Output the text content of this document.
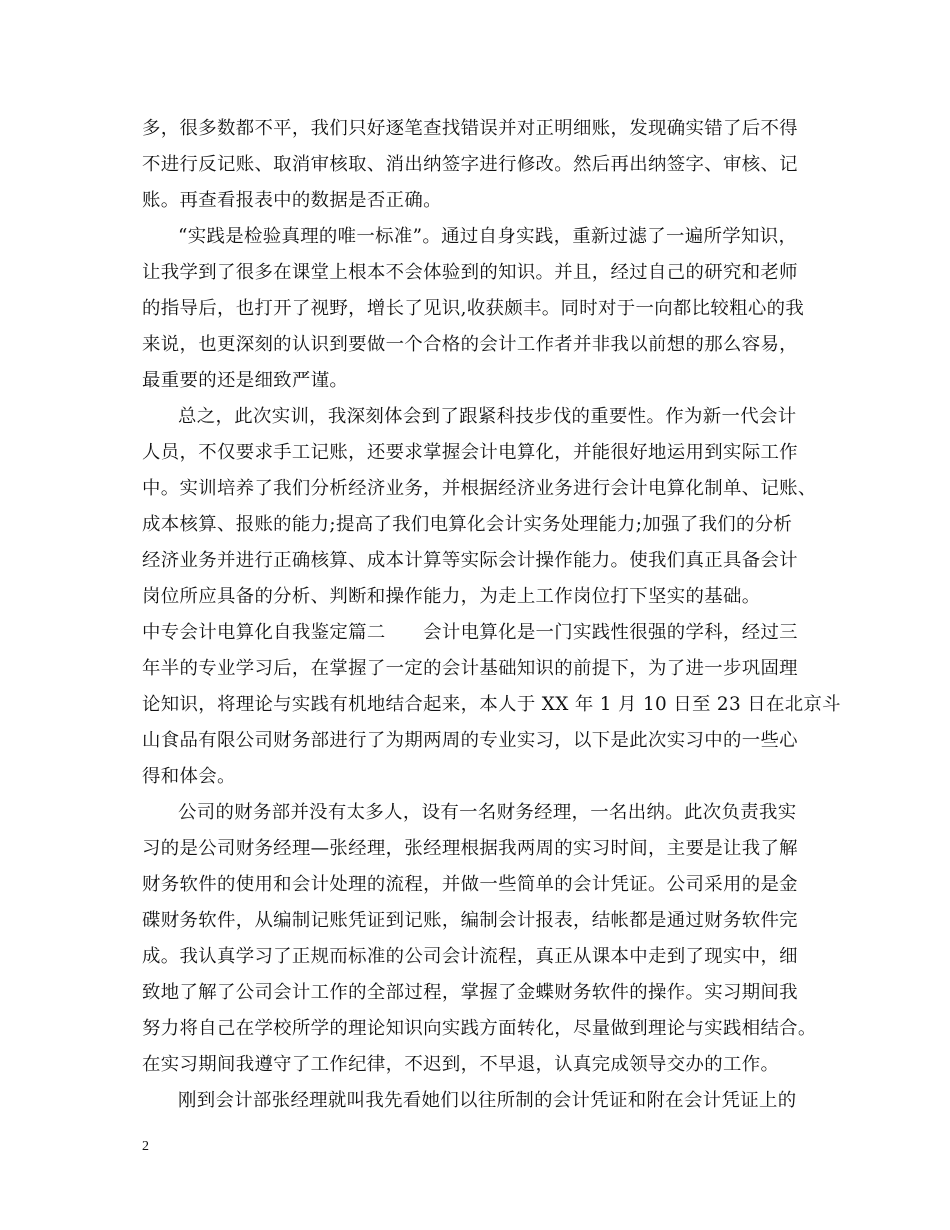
多，很多数都不平，我们只好逐笔查找错误并对正明细账，发现确实错了后不得
不进行反记账、取消审核取、消出纳签字进行修改。然后再出纳签字、审核、记
账。再查看报表中的数据是否正确。
“实践是检验真理的唯一标准”。通过自身实践，重新过滤了一遍所学知识，
让我学到了很多在课堂上根本不会体验到的知识。并且，经过自己的研究和老师
的指导后，也打开了视野，增长了见识,收获颇丰。同时对于一向都比较粗心的我
来说，也更深刻的认识到要做一个合格的会计工作者并非我以前想的那么容易，
最重要的还是细致严谨。
总之，此次实训，我深刻体会到了跟紧科技步伐的重要性。作为新一代会计
人员，不仅要求手工记账，还要求掌握会计电算化，并能很好地运用到实际工作
中。实训培养了我们分析经济业务，并根据经济业务进行会计电算化制单、记账、
成本核算、报账的能力;提高了我们电算化会计实务处理能力;加强了我们的分析
经济业务并进行正确核算、成本计算等实际会计操作能力。使我们真正具备会计
岗位所应具备的分析、判断和操作能力，为走上工作岗位打下坚实的基础。
中专会计电算化自我鉴定篇二　　会计电算化是一门实践性很强的学科，经过三
年半的专业学习后，在掌握了一定的会计基础知识的前提下，为了进一步巩固理
论知识，将理论与实践有机地结合起来，本人于 XX 年 1 月 10 日至 23 日在北京斗
山食品有限公司财务部进行了为期两周的专业实习，以下是此次实习中的一些心
得和体会。
公司的财务部并没有太多人，设有一名财务经理，一名出纳。此次负责我实
习的是公司财务经理—张经理，张经理根据我两周的实习时间，主要是让我了解
财务软件的使用和会计处理的流程，并做一些简单的会计凭证。公司采用的是金
碟财务软件，从编制记账凭证到记账，编制会计报表，结帐都是通过财务软件完
成。我认真学习了正规而标准的公司会计流程，真正从课本中走到了现实中，细
致地了解了公司会计工作的全部过程，掌握了金蝶财务软件的操作。实习期间我
努力将自己在学校所学的理论知识向实践方面转化，尽量做到理论与实践相结合。
在实习期间我遵守了工作纪律，不迟到，不早退，认真完成领导交办的工作。
刚到会计部张经理就叫我先看她们以往所制的会计凭证和附在会计凭证上的
2
